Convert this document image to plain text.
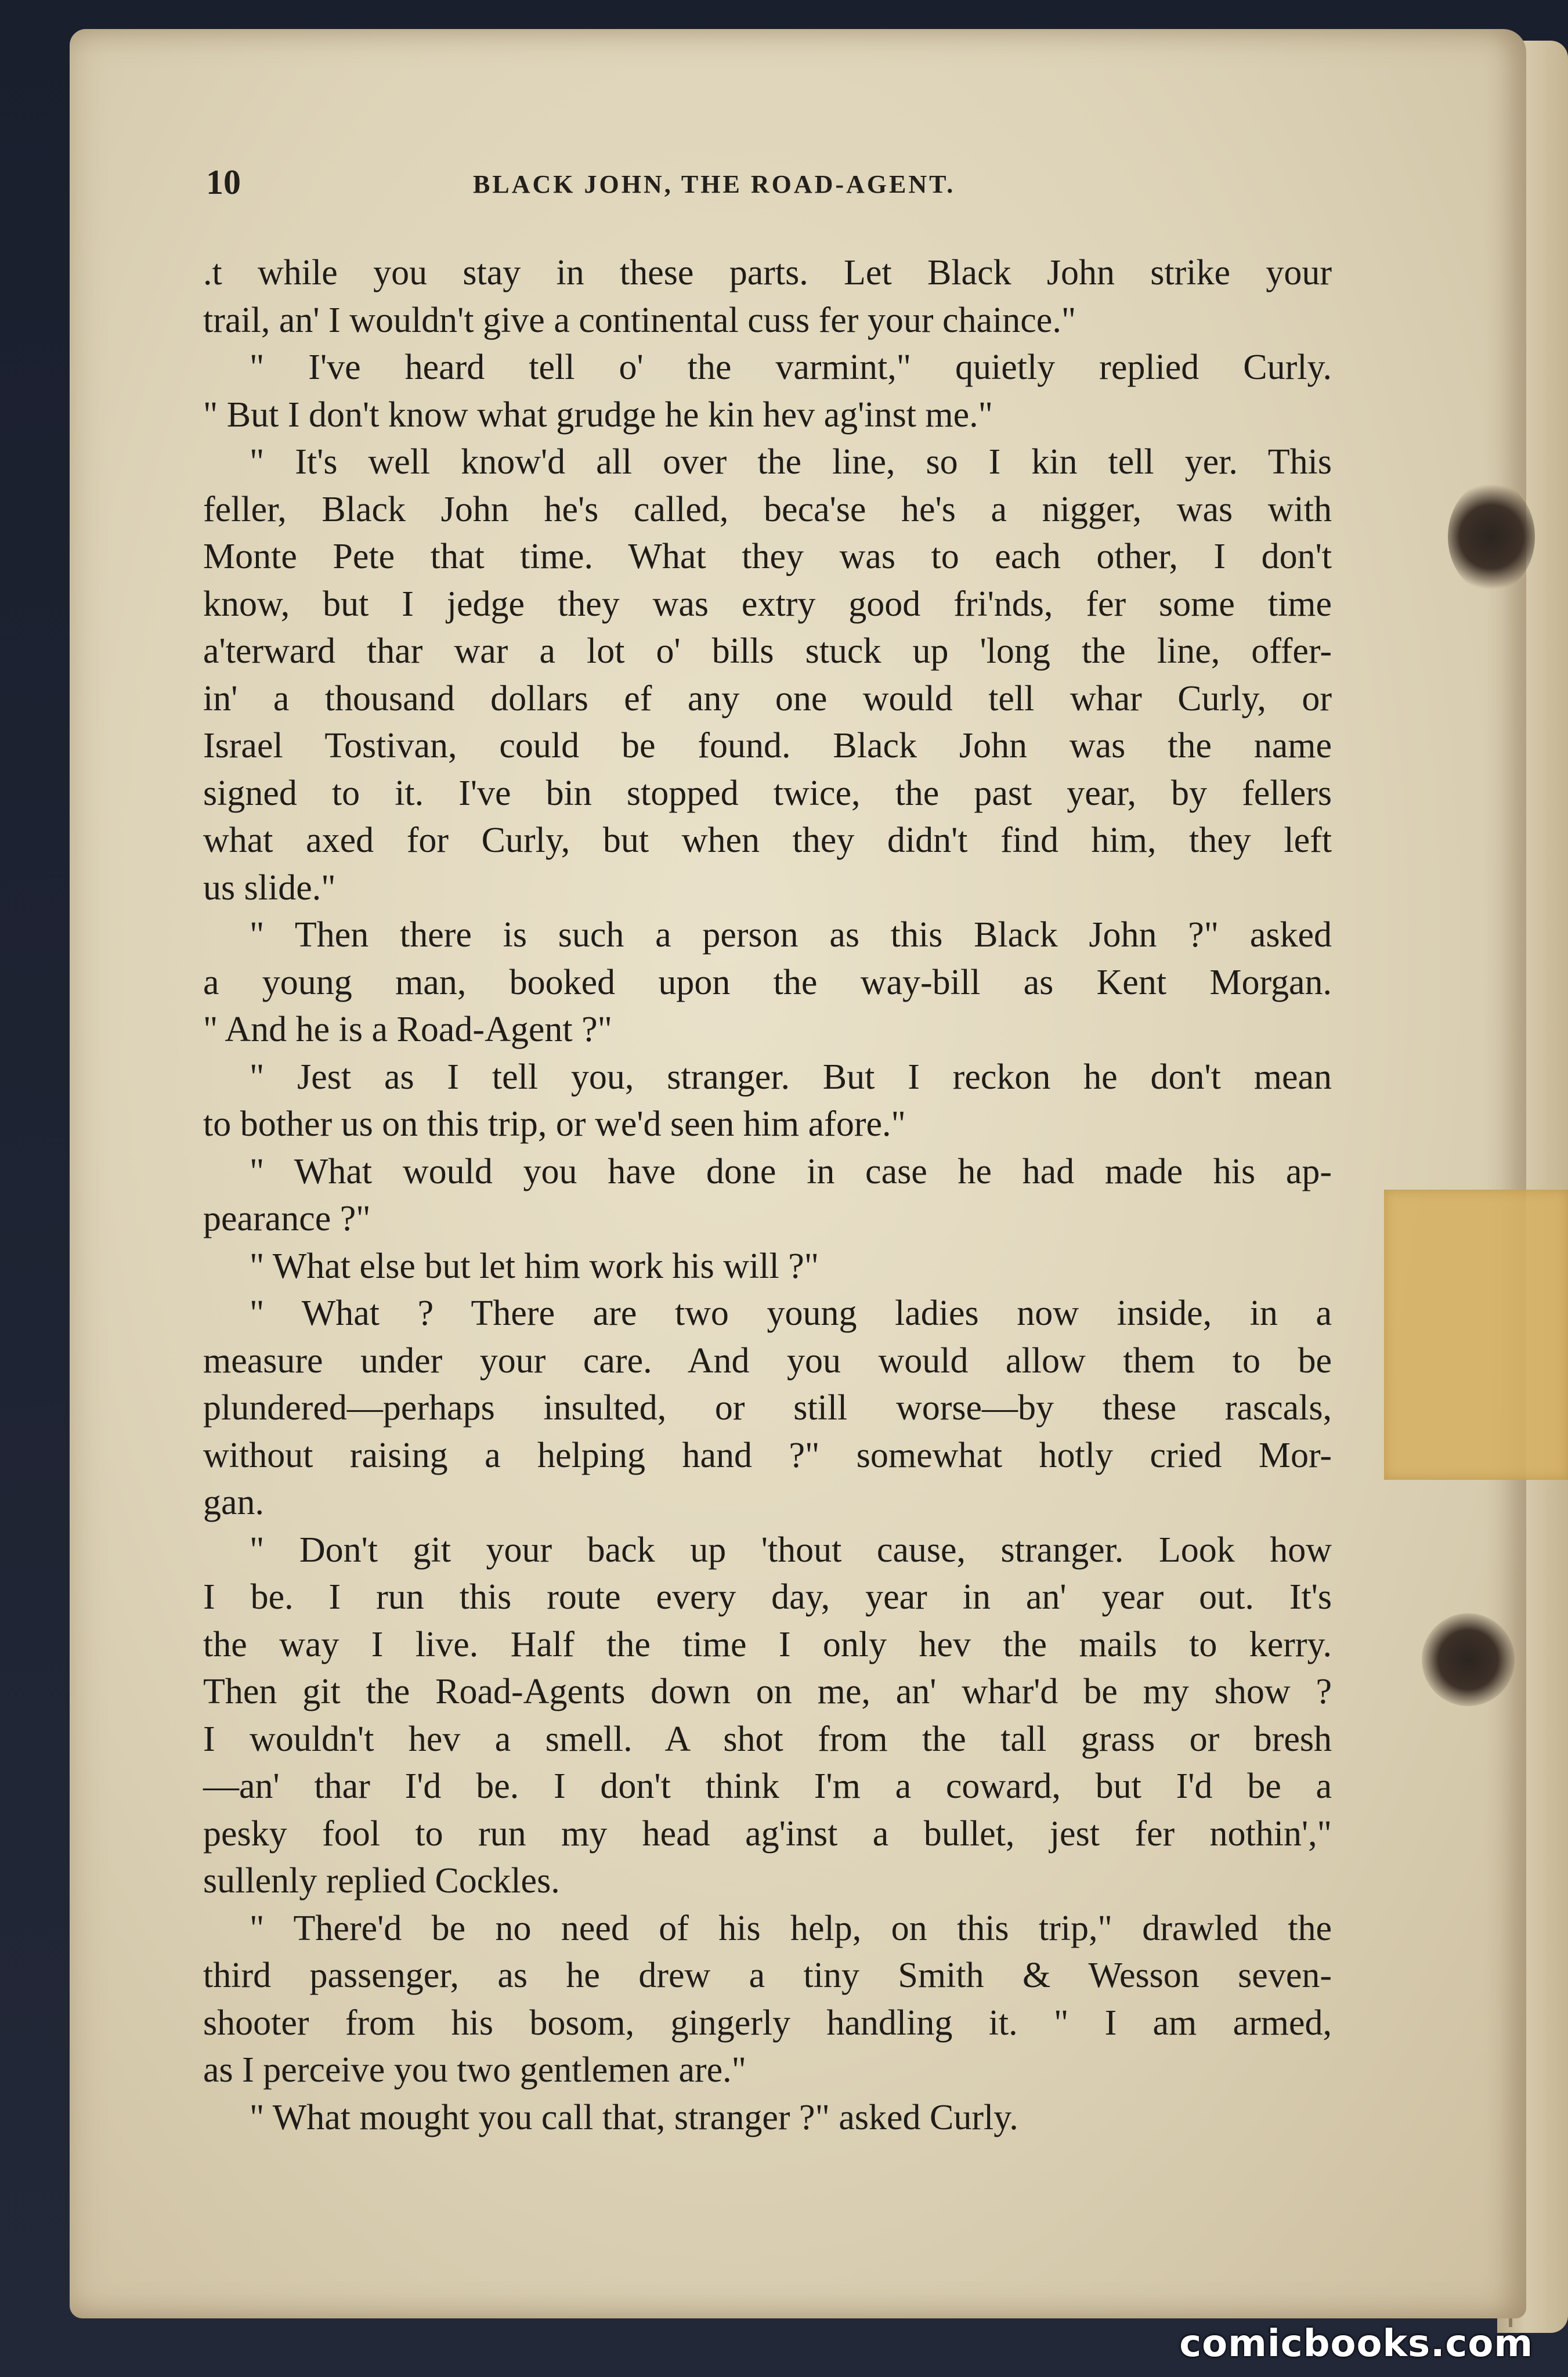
10	BLACK JOHN, THE ROAD-AGENT.
.t while you stay in these parts. Let Black John strike your
trail, an' I wouldn't give a continental cuss fer your chaince."
" I've heard tell o' the varmint," quietly replied Curly.
" But I don't know what grudge he kin hev ag'inst me."
" It's well know'd all over the line, so I kin tell yer. This
feller, Black John he's called, beca'se he's a nigger, was with
Monte Pete that time. What they was to each other, I don't
know, but I jedge they was extry good fri'nds, fer some time
a'terward thar war a lot o' bills stuck up 'long the line, offer-
in' a thousand dollars ef any one would tell whar Curly, or
Israel Tostivan, could be found. Black John was the name
signed to it. I've bin stopped twice, the past year, by fellers
what axed for Curly, but when they didn't find him, they left
us slide."
" Then there is such a person as this Black John ?" asked
a young man, booked upon the way-bill as Kent Morgan.
" And he is a Road-Agent ?"
" Jest as I tell you, stranger. But I reckon he don't mean
to bother us on this trip, or we'd seen him afore."
" What would you have done in case he had made his ap-
pearance ?"
" What else but let him work his will ?"
" What ? There are two young ladies now inside, in a
measure under your care. And you would allow them to be
plundered—perhaps insulted, or still worse—by these rascals,
without raising a helping hand ?" somewhat hotly cried Mor-
gan.
" Don't git your back up 'thout cause, stranger. Look how
I be. I run this route every day, year in an' year out. It's
the way I live. Half the time I only hev the mails to kerry.
Then git the Road-Agents down on me, an' whar'd be my show ?
I wouldn't hev a smell. A shot from the tall grass or bresh
—an' thar I'd be. I don't think I'm a coward, but I'd be a
pesky fool to run my head ag'inst a bullet, jest fer nothin',"
sullenly replied Cockles.
" There'd be no need of his help, on this trip," drawled the
third passenger, as he drew a tiny Smith & Wesson seven-
shooter from his bosom, gingerly handling it. " I am armed,
as I perceive you two gentlemen are."
" What mought you call that, stranger ?" asked Curly.
comicbooks.com
